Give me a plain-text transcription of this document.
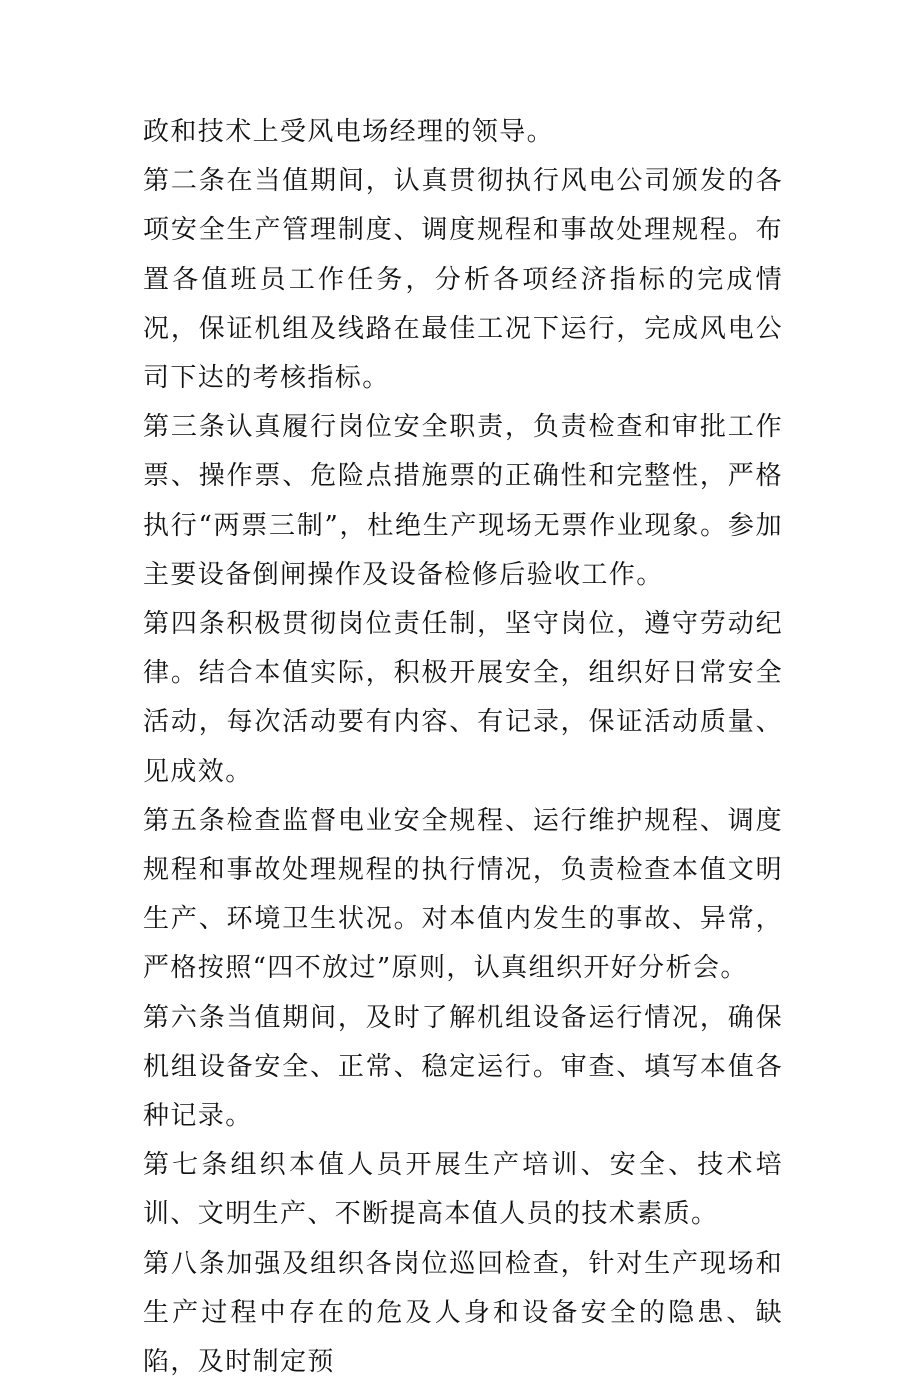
政和技术上受风电场经理的领导。

第二条在当值期间，认真贯彻执行风电公司颁发的各项安全生产管理制度、调度规程和事故处理规程。布置各值班员工作任务，分析各项经济指标的完成情况，保证机组及线路在最佳工况下运行，完成风电公司下达的考核指标。

第三条认真履行岗位安全职责，负责检查和审批工作票、操作票、危险点措施票的正确性和完整性，严格执行“两票三制”，杜绝生产现场无票作业现象。参加主要设备倒闸操作及设备检修后验收工作。

第四条积极贯彻岗位责任制，坚守岗位，遵守劳动纪律。结合本值实际，积极开展安全，组织好日常安全活动，每次活动要有内容、有记录，保证活动质量、见成效。

第五条检查监督电业安全规程、运行维护规程、调度规程和事故处理规程的执行情况，负责检查本值文明生产、环境卫生状况。对本值内发生的事故、异常，严格按照“四不放过”原则，认真组织开好分析会。

第六条当值期间，及时了解机组设备运行情况，确保机组设备安全、正常、稳定运行。审查、填写本值各种记录。

第七条组织本值人员开展生产培训、安全、技术培训、文明生产、不断提高本值人员的技术素质。

第八条加强及组织各岗位巡回检查，针对生产现场和生产过程中存在的危及人身和设备安全的隐患、缺陷，及时制定预
